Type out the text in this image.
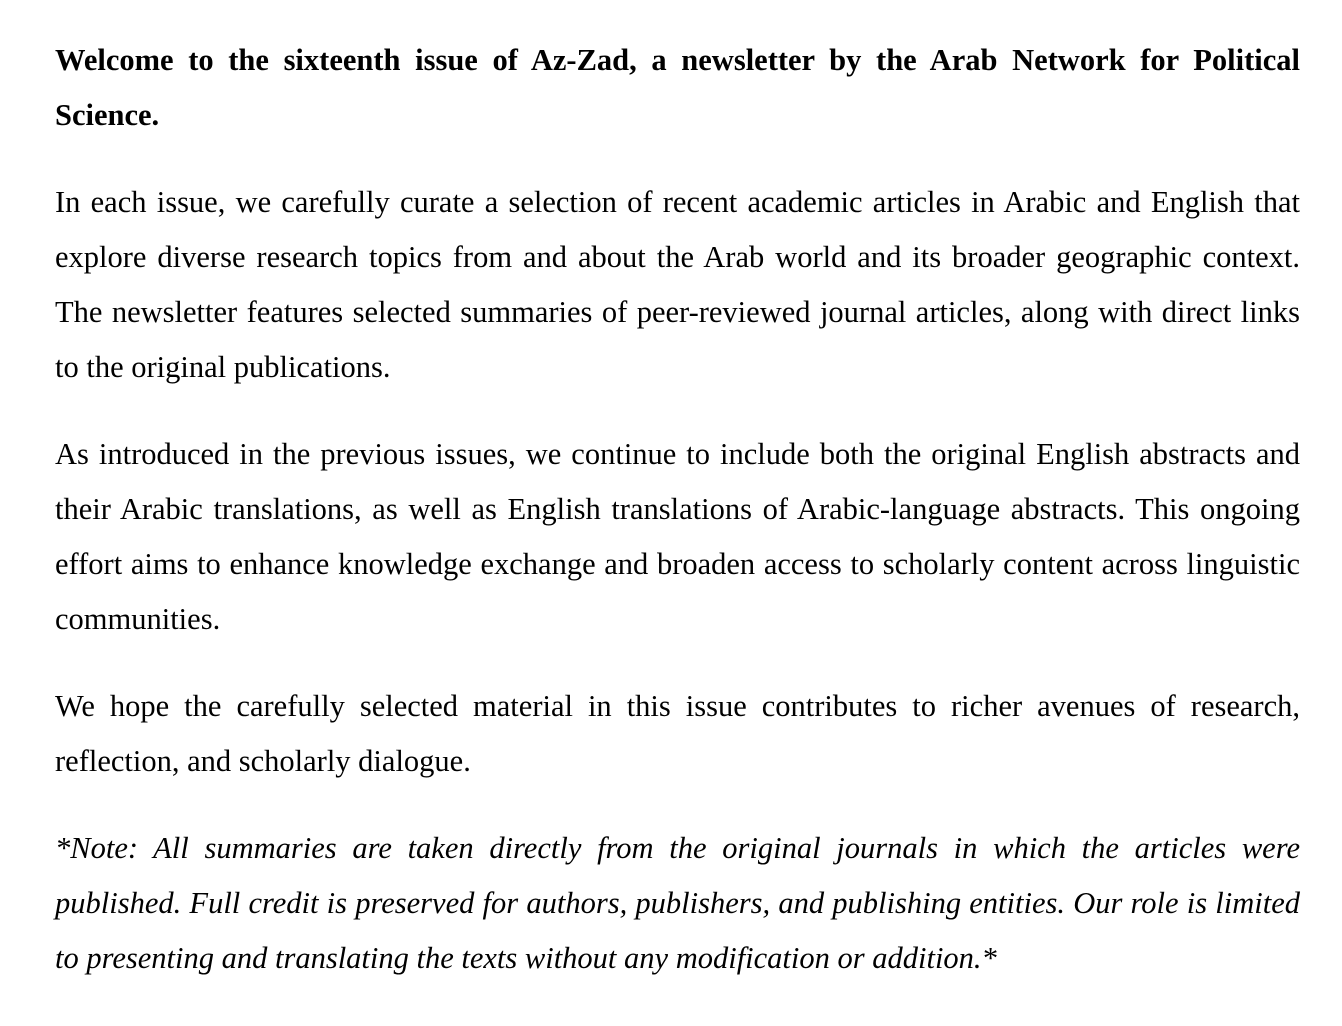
Welcome to the sixteenth issue of Az-Zad, a newsletter by the Arab Network for Political Science.

In each issue, we carefully curate a selection of recent academic articles in Arabic and English that explore diverse research topics from and about the Arab world and its broader geographic context. The newsletter features selected summaries of peer-reviewed journal articles, along with direct links to the original publications.

As introduced in the previous issues, we continue to include both the original English abstracts and their Arabic translations, as well as English translations of Arabic-language abstracts. This ongoing effort aims to enhance knowledge exchange and broaden access to scholarly content across linguistic communities.

We hope the carefully selected material in this issue contributes to richer avenues of research, reflection, and scholarly dialogue.

*Note: All summaries are taken directly from the original journals in which the articles were published. Full credit is preserved for authors, publishers, and publishing entities. Our role is limited to presenting and translating the texts without any modification or addition.*
